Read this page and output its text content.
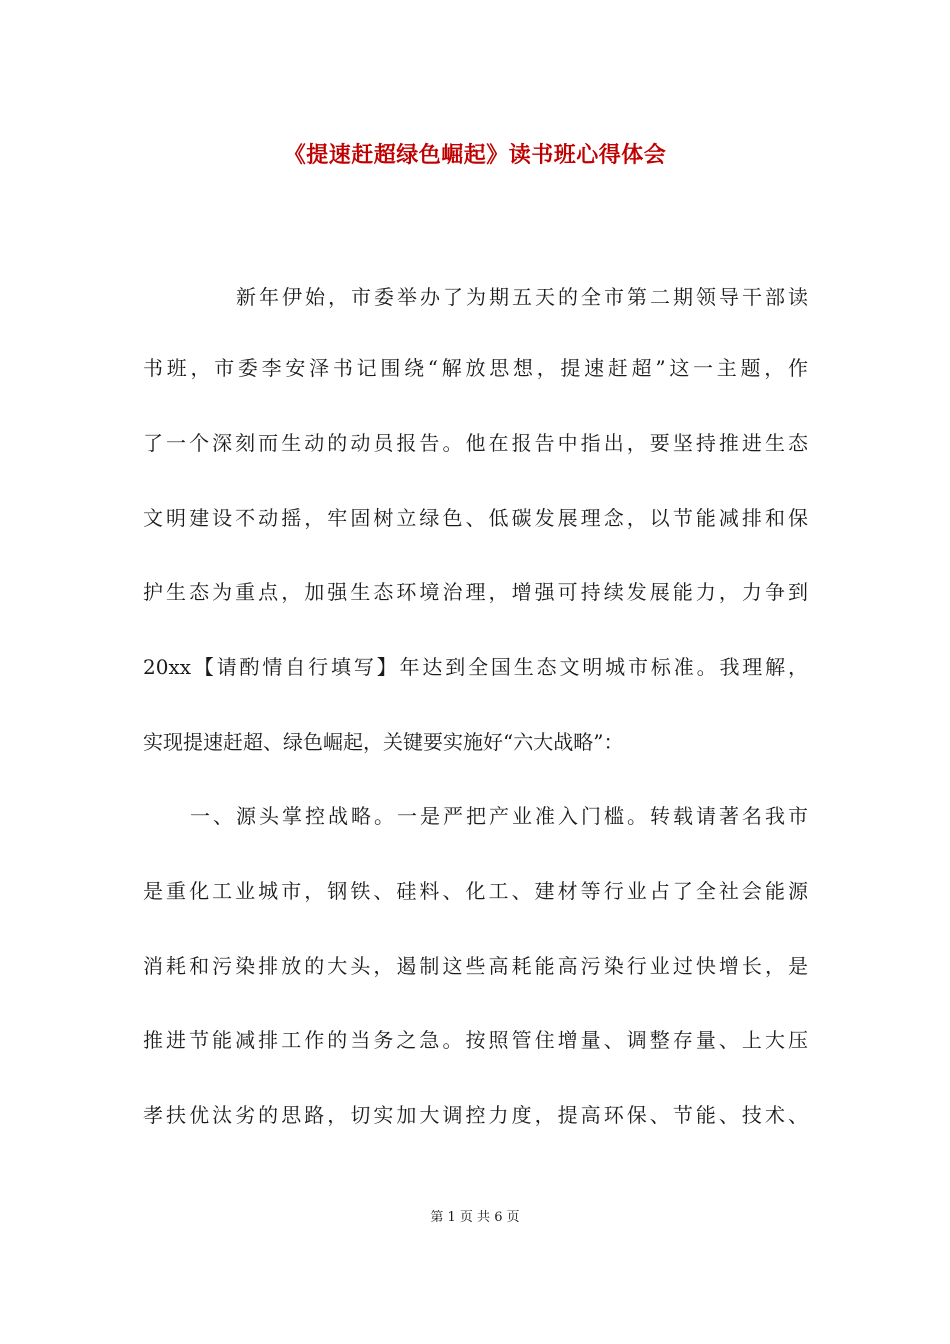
《提速赶超绿色崛起》读书班心得体会
新年伊始，市委举办了为期五天的全市第二期领导干部读
书班，市委李安泽书记围绕“解放思想，提速赶超”这一主题，作
了一个深刻而生动的动员报告。他在报告中指出，要坚持推进生态
文明建设不动摇，牢固树立绿色、低碳发展理念，以节能减排和保
护生态为重点，加强生态环境治理，增强可持续发展能力，力争到
20xx【请酌情自行填写】年达到全国生态文明城市标准。我理解，
实现提速赶超、绿色崛起，关键要实施好“六大战略”：
一、源头掌控战略。一是严把产业准入门槛。转载请著名我市
是重化工业城市，钢铁、硅料、化工、建材等行业占了全社会能源
消耗和污染排放的大头，遏制这些高耗能高污染行业过快增长，是
推进节能减排工作的当务之急。按照管住增量、调整存量、上大压
孝扶优汰劣的思路，切实加大调控力度，提高环保、节能、技术、
第 1 页 共 6 页
